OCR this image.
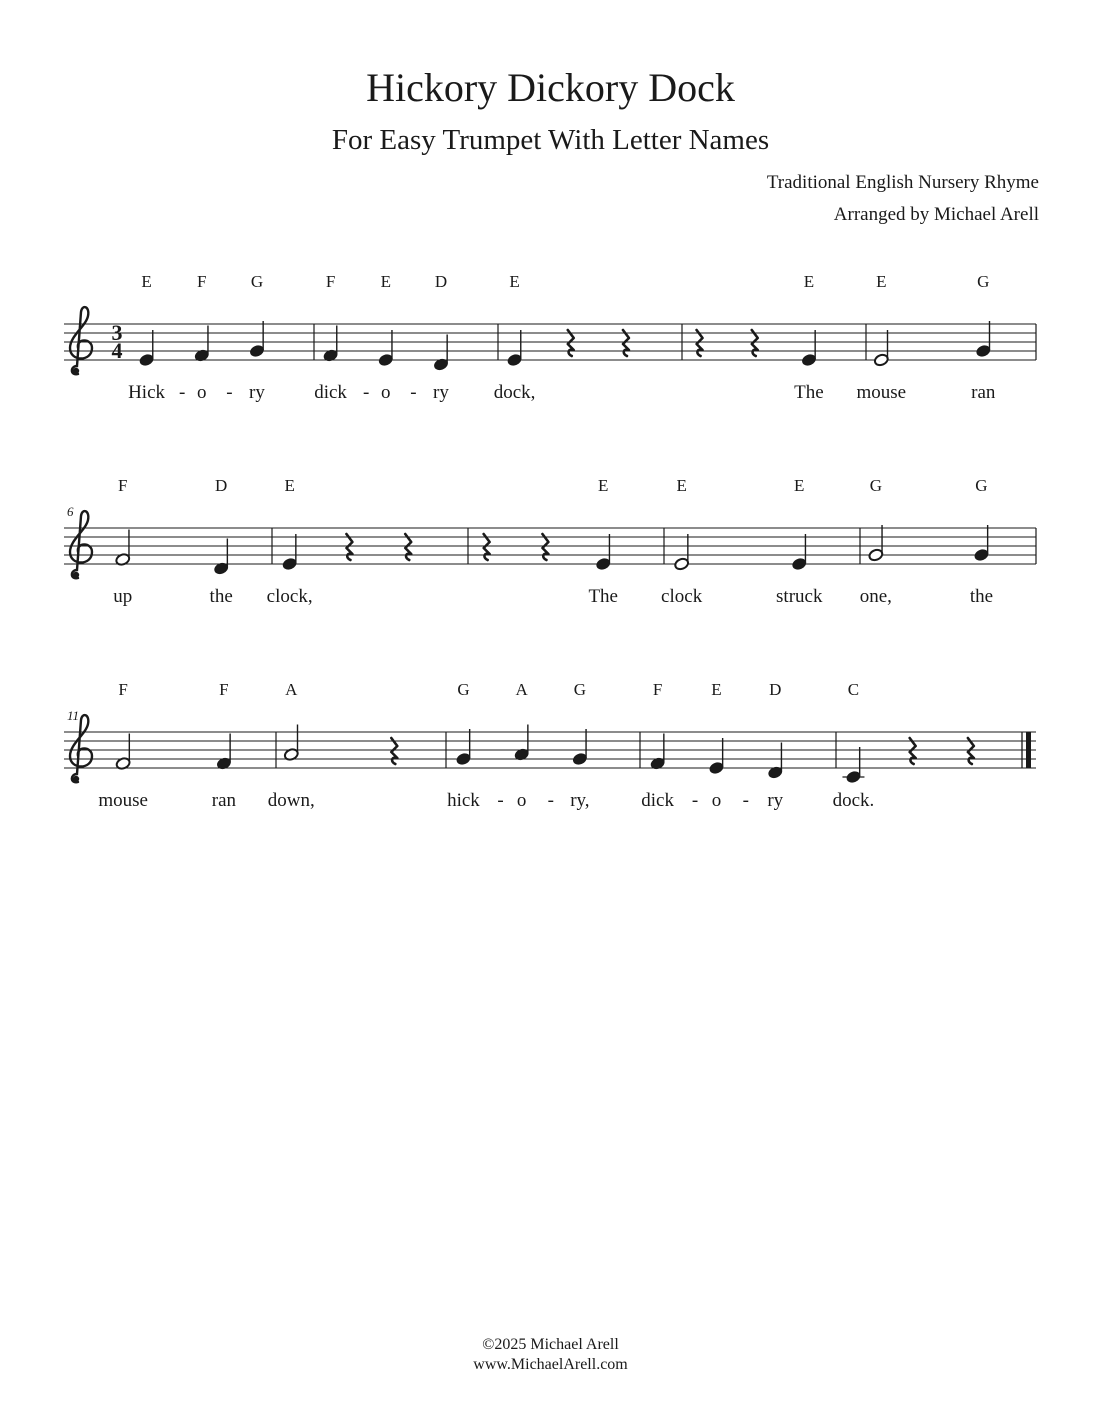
Hickory Dickory Dock
For Easy Trumpet With Letter Names
Traditional English Nursery Rhyme
Arranged by Michael Arell
3
4
E
Hick
F
o
G
ry
- -
F
dick
E
o
D
ry
- -
E
dock,
E
The
E
mouse
G
ran
6
F
up
D
the
E
clock,
E
The
E
clock
E
struck
G
one,
G
the
11
F
mouse
F
ran
A
down,
G
hick
A
o
G
ry,
- -
F
dick
E
o
D
ry
- -
C
dock.
©2025 Michael Arell
www.MichaelArell.com
